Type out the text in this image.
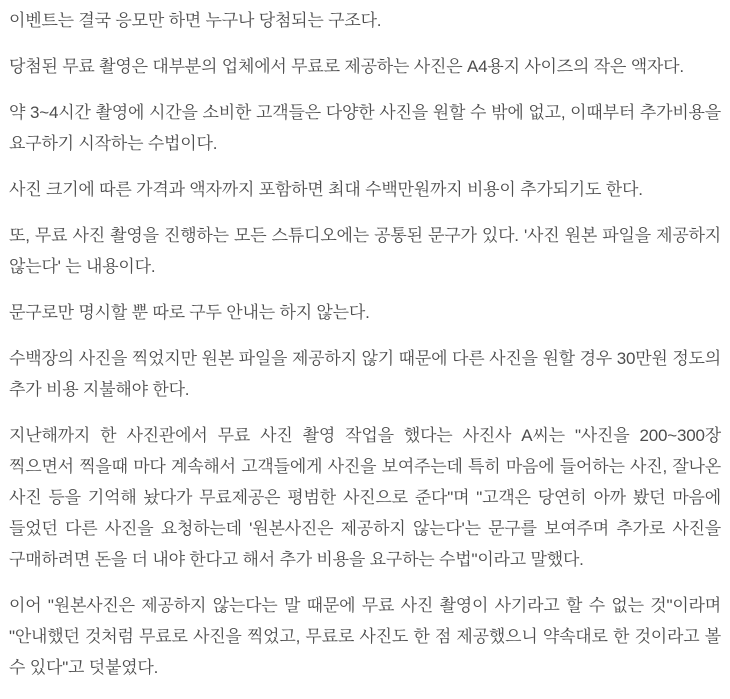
이벤트는 결국 응모만 하면 누구나 당첨되는 구조다.

당첨된 무료 촬영은 대부분의 업체에서 무료로 제공하는 사진은 A4용지 사이즈의 작은 액자다.

약 3~4시간 촬영에 시간을 소비한 고객들은 다양한 사진을 원할 수 밖에 없고, 이때부터 추가비용을 요구하기 시작하는 수법이다.

사진 크기에 따른 가격과 액자까지 포함하면 최대 수백만원까지 비용이 추가되기도 한다.

또, 무료 사진 촬영을 진행하는 모든 스튜디오에는 공통된 문구가 있다. '사진 원본 파일을 제공하지 않는다' 는 내용이다.

문구로만 명시할 뿐 따로 구두 안내는 하지 않는다.

수백장의 사진을 찍었지만 원본 파일을 제공하지 않기 때문에 다른 사진을 원할 경우 30만원 정도의 추가 비용 지불해야 한다.

지난해까지 한 사진관에서 무료 사진 촬영 작업을 했다는 사진사 A씨는 "사진을 200~300장 찍으면서 찍을때 마다 계속해서 고객들에게 사진을 보여주는데 특히 마음에 들어하는 사진, 잘나온 사진 등을 기억해 놨다가 무료제공은 평범한 사진으로 준다"며 "고객은 당연히 아까 봤던 마음에 들었던 다른 사진을 요청하는데 '원본사진은 제공하지 않는다'는 문구를 보여주며 추가로 사진을 구매하려면 돈을 더 내야 한다고 해서 추가 비용을 요구하는 수법"이라고 말했다.

이어 "원본사진은 제공하지 않는다는 말 때문에 무료 사진 촬영이 사기라고 할 수 없는 것"이라며 "안내했던 것처럼 무료로 사진을 찍었고, 무료로 사진도 한 점 제공했으니 약속대로 한 것이라고 볼 수 있다"고 덧붙였다.
